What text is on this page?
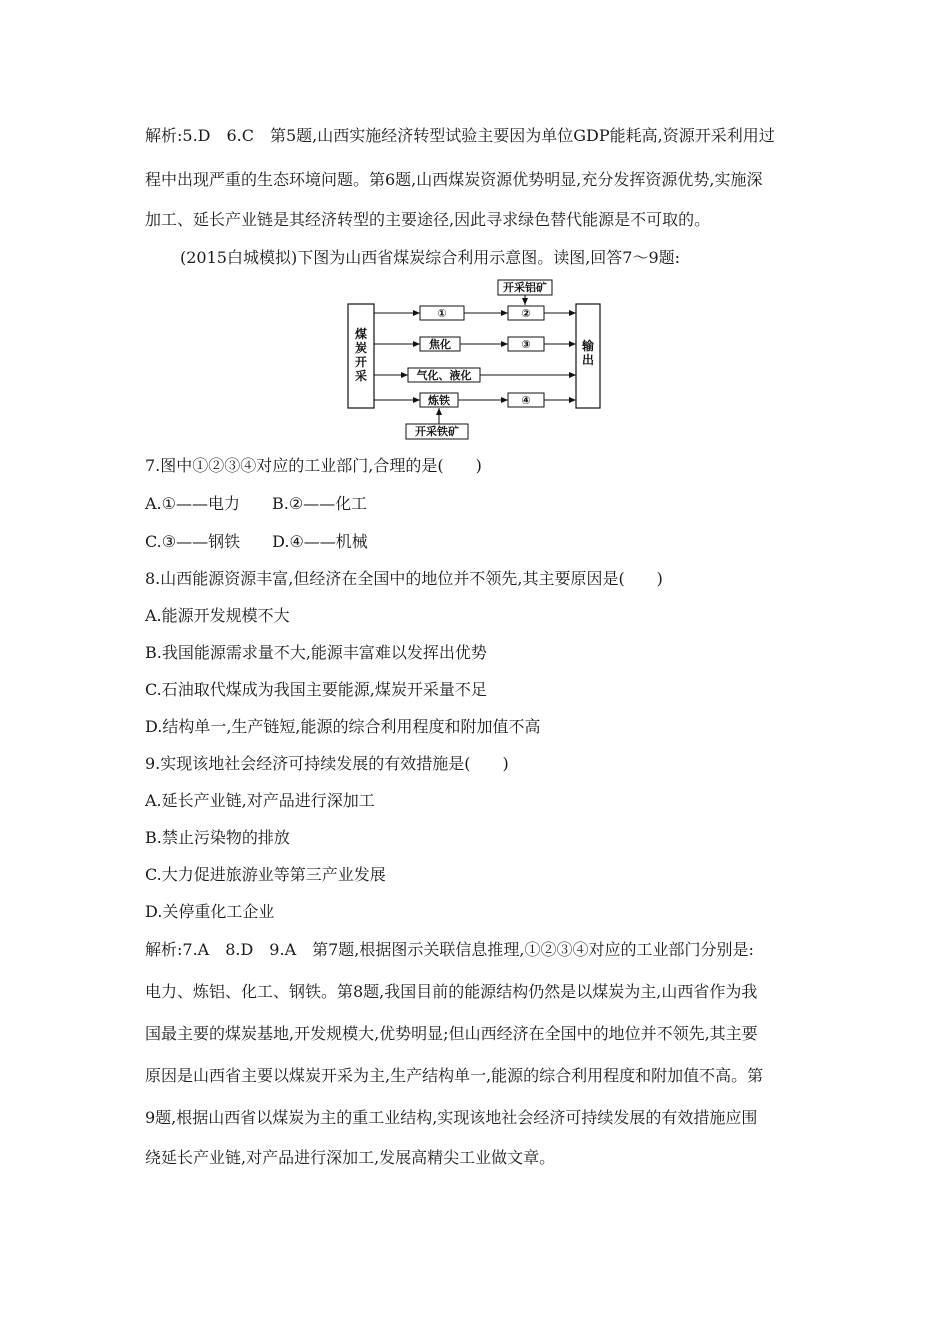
解析:5.D　6.C　第5题,山西实施经济转型试验主要因为单位GDP能耗高,资源开采利用过
程中出现严重的生态环境问题。第6题,山西煤炭资源优势明显,充分发挥资源优势,实施深
加工、延长产业链是其经济转型的主要途径,因此寻求绿色替代能源是不可取的。
(2015白城模拟)下图为山西省煤炭综合利用示意图。读图,回答7～9题:
煤
炭
开
采
输
出
开采铝矿
①	②
焦化	③
气化、液化
炼铁	④
开采铁矿
7.图中①②③④对应的工业部门,合理的是(　　)
A.①——电力　　B.②——化工
C.③——钢铁　　D.④——机械
8.山西能源资源丰富,但经济在全国中的地位并不领先,其主要原因是(　　)
A.能源开发规模不大
B.我国能源需求量不大,能源丰富难以发挥出优势
C.石油取代煤成为我国主要能源,煤炭开采量不足
D.结构单一,生产链短,能源的综合利用程度和附加值不高
9.实现该地社会经济可持续发展的有效措施是(　　)
A.延长产业链,对产品进行深加工
B.禁止污染物的排放
C.大力促进旅游业等第三产业发展
D.关停重化工企业
解析:7.A　8.D　9.A　第7题,根据图示关联信息推理,①②③④对应的工业部门分别是:
电力、炼铝、化工、钢铁。第8题,我国目前的能源结构仍然是以煤炭为主,山西省作为我
国最主要的煤炭基地,开发规模大,优势明显;但山西经济在全国中的地位并不领先,其主要
原因是山西省主要以煤炭开采为主,生产结构单一,能源的综合利用程度和附加值不高。第
9题,根据山西省以煤炭为主的重工业结构,实现该地社会经济可持续发展的有效措施应围
绕延长产业链,对产品进行深加工,发展高精尖工业做文章。
